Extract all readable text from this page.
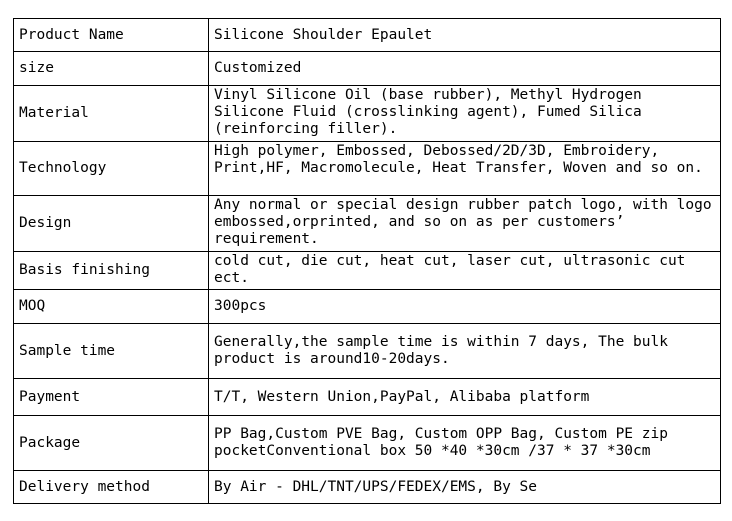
Product Name	Silicone Shoulder Epaulet
size	Customized
Material	Vinyl Silicone Oil (base rubber), Methyl Hydrogen Silicone Fluid (crosslinking agent), Fumed Silica (reinforcing filler).
Technology	High polymer, Embossed, Debossed/2D/3D, Embroidery, Print,HF, Macromolecule, Heat Transfer, Woven and so on.
Design	Any normal or special design rubber patch logo, with logo embossed,orprinted, and so on as per customers’ requirement.
Basis finishing	cold cut, die cut, heat cut, laser cut, ultrasonic cut ect.
MOQ	300pcs
Sample time	Generally,the sample time is within 7 days, The bulk product is around10-20days.
Payment	T/T, Western Union,PayPal, Alibaba platform
Package	PP Bag,Custom PVE Bag, Custom OPP Bag, Custom PE zip pocketConventional box 50 *40 *30cm /37 * 37 *30cm
Delivery method	By Air - DHL/TNT/UPS/FEDEX/EMS, By Se
